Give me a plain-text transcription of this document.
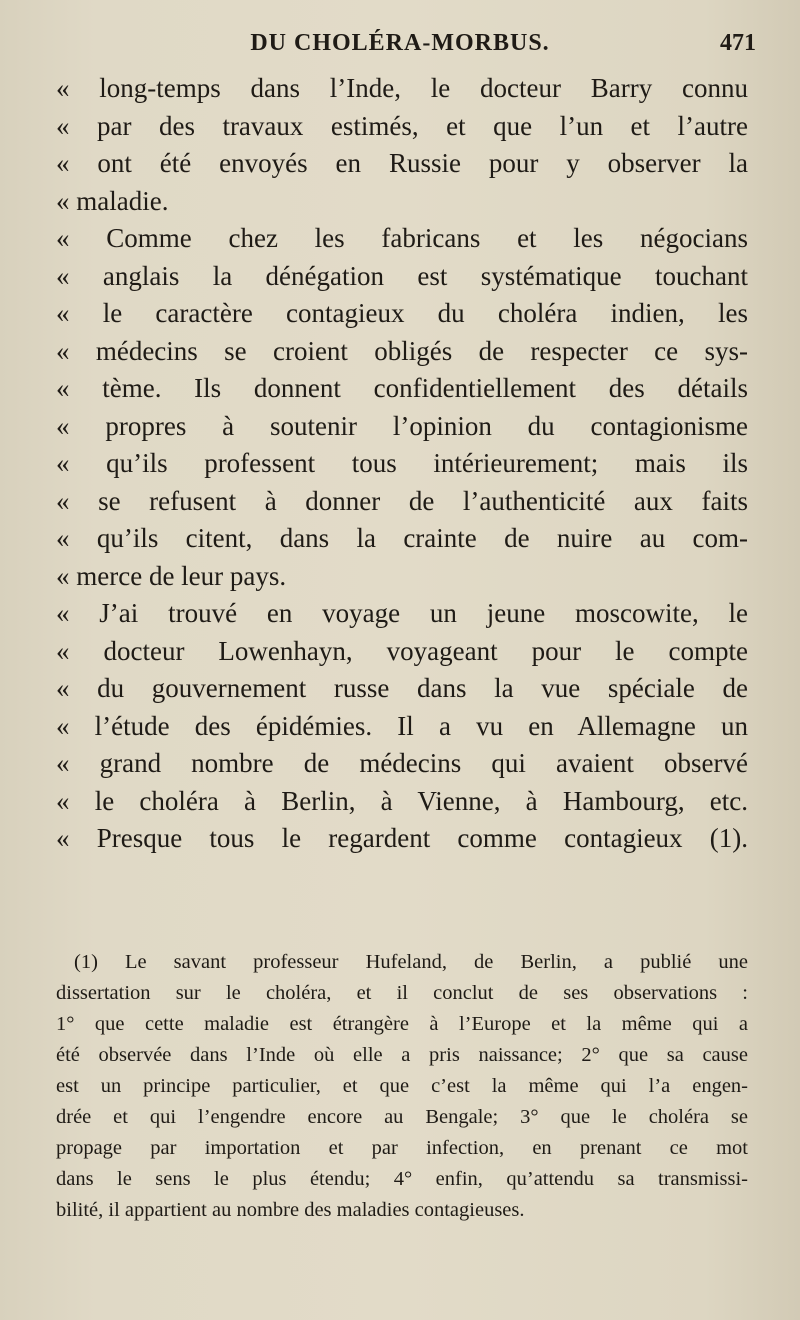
DU CHOLÉRA-MORBUS.	471
« long-temps dans l’Inde, le docteur Barry connu
« par des travaux estimés, et que l’un et l’autre
« ont été envoyés en Russie pour y observer la
« maladie.
« Comme chez les fabricans et les négocians
« anglais la dénégation est systématique touchant
« le caractère contagieux du choléra indien, les
« médecins se croient obligés de respecter ce sys-
« tème. Ils donnent confidentiellement des détails
« propres à soutenir l’opinion du contagionisme
« qu’ils professent tous intérieurement; mais ils
« se refusent à donner de l’authenticité aux faits
« qu’ils citent, dans la crainte de nuire au com-
« merce de leur pays.
« J’ai trouvé en voyage un jeune moscowite, le
« docteur Lowenhayn, voyageant pour le compte
« du gouvernement russe dans la vue spéciale de
« l’étude des épidémies. Il a vu en Allemagne un
« grand nombre de médecins qui avaient observé
« le choléra à Berlin, à Vienne, à Hambourg, etc.
« Presque tous le regardent comme contagieux (1).
(1) Le savant professeur Hufeland, de Berlin, a publié une
dissertation sur le choléra, et il conclut de ses observations :
1° que cette maladie est étrangère à l’Europe et la même qui a
été observée dans l’Inde où elle a pris naissance; 2° que sa cause
est un principe particulier, et que c’est la même qui l’a engen-
drée et qui l’engendre encore au Bengale; 3° que le choléra se
propage par importation et par infection, en prenant ce mot
dans le sens le plus étendu; 4° enfin, qu’attendu sa transmissi-
bilité, il appartient au nombre des maladies contagieuses.
